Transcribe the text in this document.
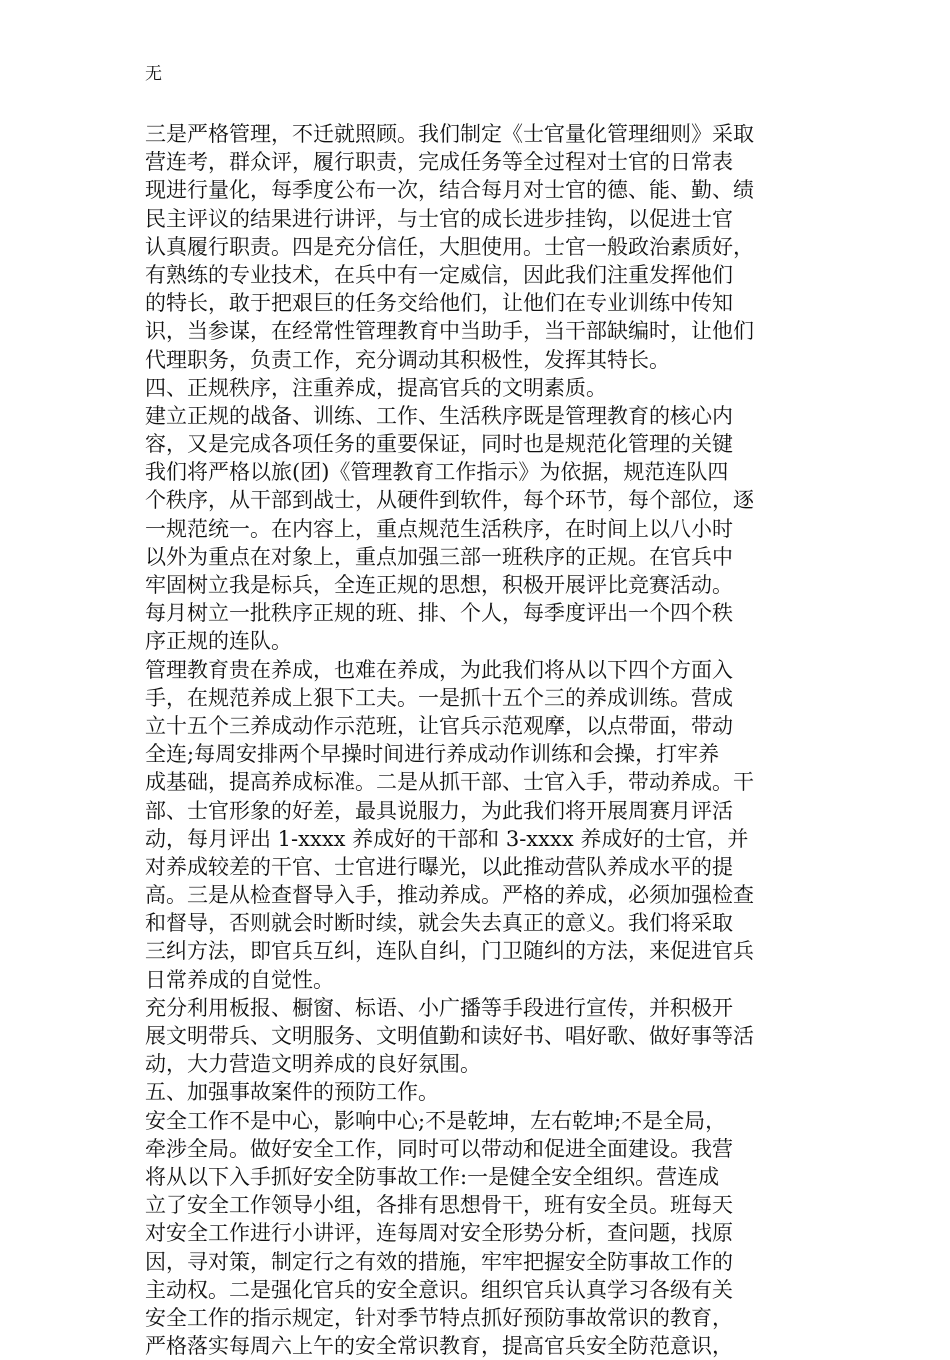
无
三是严格管理，不迁就照顾。我们制定《士官量化管理细则》采取
营连考，群众评，履行职责，完成任务等全过程对士官的日常表
现进行量化，每季度公布一次，结合每月对士官的德、能、勤、绩
民主评议的结果进行讲评，与士官的成长进步挂钩，以促进士官
认真履行职责。四是充分信任，大胆使用。士官一般政治素质好，
有熟练的专业技术，在兵中有一定威信，因此我们注重发挥他们
的特长，敢于把艰巨的任务交给他们，让他们在专业训练中传知
识，当参谋，在经常性管理教育中当助手，当干部缺编时，让他们
代理职务，负责工作，充分调动其积极性，发挥其特长。
四、正规秩序，注重养成，提高官兵的文明素质。
建立正规的战备、训练、工作、生活秩序既是管理教育的核心内
容，又是完成各项任务的重要保证，同时也是规范化管理的关键
我们将严格以旅(团)《管理教育工作指示》为依据，规范连队四
个秩序，从干部到战士，从硬件到软件，每个环节，每个部位，逐
一规范统一。在内容上，重点规范生活秩序，在时间上以八小时
以外为重点在对象上，重点加强三部一班秩序的正规。在官兵中
牢固树立我是标兵，全连正规的思想，积极开展评比竞赛活动。
每月树立一批秩序正规的班、排、个人，每季度评出一个四个秩
序正规的连队。
管理教育贵在养成，也难在养成，为此我们将从以下四个方面入
手，在规范养成上狠下工夫。一是抓十五个三的养成训练。营成
立十五个三养成动作示范班，让官兵示范观摩，以点带面，带动
全连;每周安排两个早操时间进行养成动作训练和会操，打牢养
成基础，提高养成标准。二是从抓干部、士官入手，带动养成。干
部、士官形象的好差，最具说服力，为此我们将开展周赛月评活
动，每月评出 1-xxxx 养成好的干部和 3-xxxx 养成好的士官，并
对养成较差的干官、士官进行曝光，以此推动营队养成水平的提
高。三是从检查督导入手，推动养成。严格的养成，必须加强检查
和督导，否则就会时断时续，就会失去真正的意义。我们将采取
三纠方法，即官兵互纠，连队自纠，门卫随纠的方法，来促进官兵
日常养成的自觉性。
充分利用板报、橱窗、标语、小广播等手段进行宣传，并积极开
展文明带兵、文明服务、文明值勤和读好书、唱好歌、做好事等活
动，大力营造文明养成的良好氛围。
五、加强事故案件的预防工作。
安全工作不是中心，影响中心;不是乾坤，左右乾坤;不是全局，
牵涉全局。做好安全工作，同时可以带动和促进全面建设。我营
将从以下入手抓好安全防事故工作:一是健全安全组织。营连成
立了安全工作领导小组，各排有思想骨干，班有安全员。班每天
对安全工作进行小讲评，连每周对安全形势分析，查问题，找原
因，寻对策，制定行之有效的措施，牢牢把握安全防事故工作的
主动权。二是强化官兵的安全意识。组织官兵认真学习各级有关
安全工作的指示规定，针对季节特点抓好预防事故常识的教育，
严格落实每周六上午的安全常识教育，提高官兵安全防范意识，
